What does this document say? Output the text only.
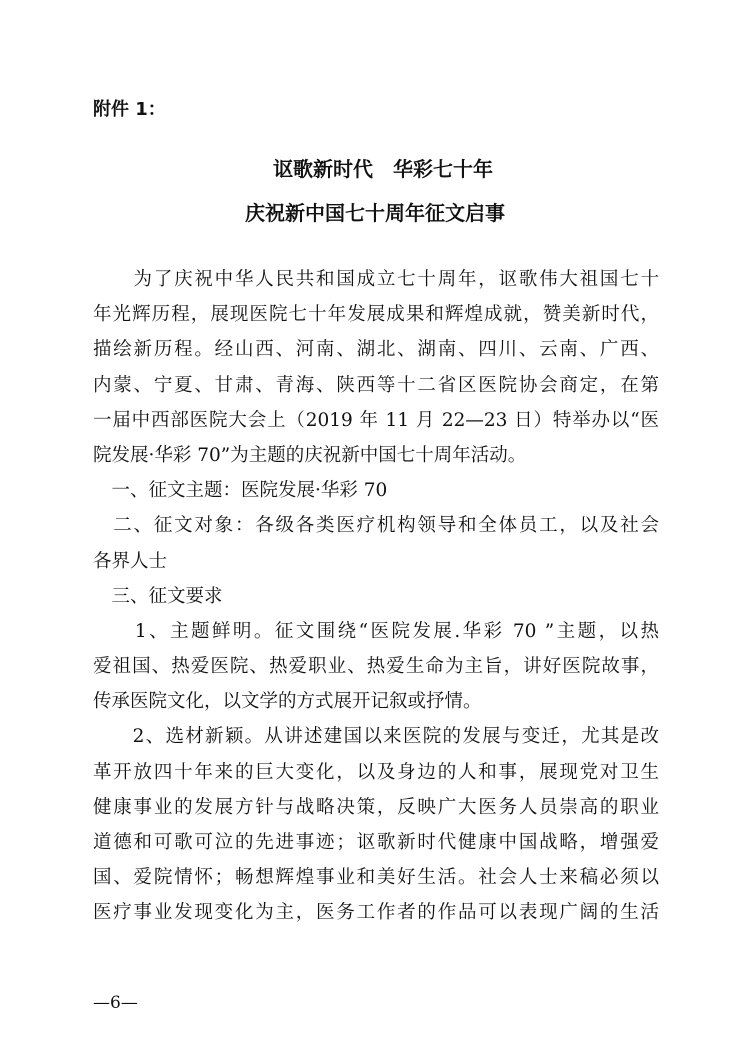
附件 1：
讴歌新时代　华彩七十年
庆祝新中国七十周年征文启事
　　为了庆祝中华人民共和国成立七十周年，讴歌伟大祖国七十
年光辉历程，展现医院七十年发展成果和辉煌成就，赞美新时代，
描绘新历程。经山西、河南、湖北、湖南、四川、云南、广西、
内蒙、宁夏、甘肃、青海、陕西等十二省区医院协会商定，在第
一届中西部医院大会上（2019 年 11 月 22—23 日）特举办以“医
院发展·华彩 70”为主题的庆祝新中国七十周年活动。
　一、征文主题：医院发展·华彩 70
　二、征文对象：各级各类医疗机构领导和全体员工，以及社会
各界人士
　三、征文要求
　　1、主题鲜明。征文围绕“医院发展.华彩 70 ”主题，以热
爱祖国、热爱医院、热爱职业、热爱生命为主旨，讲好医院故事，
传承医院文化，以文学的方式展开记叙或抒情。
　　2、选材新颖。从讲述建国以来医院的发展与变迁，尤其是改
革开放四十年来的巨大变化，以及身边的人和事，展现党对卫生
健康事业的发展方针与战略决策，反映广大医务人员崇高的职业
道德和可歌可泣的先进事迹；讴歌新时代健康中国战略，增强爱
国、爱院情怀；畅想辉煌事业和美好生活。社会人士来稿必须以
医疗事业发现变化为主，医务工作者的作品可以表现广阔的生活
—6—
